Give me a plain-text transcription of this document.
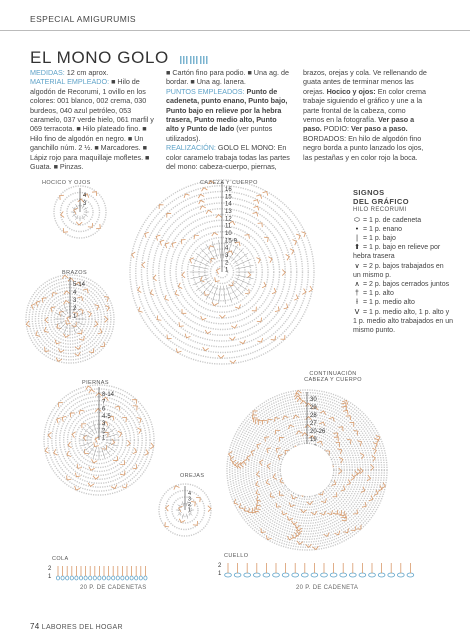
ESPECIAL AMIGURUMIS
EL MONO GOLO
MEDIDAS: 12 cm aprox.
MATERIAL EMPLEADO: ■ Hilo de algodón de Recorumi, 1 ovillo en los colores: 001 blanco, 002 crema, 030 burdeos, 040 azul petróleo, 053 caramelo, 037 verde hielo, 061 marfil y 069 terracota. ■ Hilo plateado fino. ■ Hilo fino de algodón en negro. ■ Un ganchillo núm. 2 ½. ■ Marcadores. ■ Lápiz rojo para maquillaje mofletes. ■ Guata. ■ Pinzas.
■ Cartón fino para podio. ■ Una ag. de bordar. ■ Una ag. lanera.
PUNTOS EMPLEADOS: Punto de cadeneta, punto enano, Punto bajo, Punto bajo en relieve por la hebra trasera, Punto medio alto, Punto alto y Punto de lado (ver puntos utilizados).
REALIZACIÓN: GOLO EL MONO: En color caramelo trabaja todas las partes del mono: cabeza-cuerpo, piernas,
brazos, orejas y cola. Ve rellenando de guata antes de terminar menos las orejas. Hocico y ojos: En color crema trabaje siguiendo el gráfico y une a la parte frontal de la cabeza, como vemos en la fotografía. Ver paso a paso. PODIO: Ver paso a paso. BORDADOS: En hilo de algodón fino negro borda a punto lanzado los ojos, las pestañas y en color rojo la boca.
HOCICO Y OJOS	CABEZA Y CUERPO
BRAZOS
PIERNAS
OREJAS
CONTINUACIÓN
CABEZA Y CUERPO
COLA	CUELLO
4
3
16
15
14
13
12
11
10
15-9
4
3
2
1
5-14
4
3
2
1
8-14
7
6
4-5
3
2
1
4
3
2
1
30
29
28
27
20-26
19
2
1
2
1
SIGNOS
DEL GRÁFICO
HILO RECORUMI
⬭ = 1 p. de cadeneta
• = 1 p. enano
| = 1 p. bajo
⬆ = 1 p. bajo en relieve por hebra trasera
∨ = 2 p. bajos trabajados en un mismo p.
∧ = 2 p. bajos cerrados juntos
† = 1 p. alto
ƚ = 1 p. medio alto
Ⅴ = 1 p. medio alto, 1 p. alto y 1 p. medio alto trabajados en un mismo punto.
20 P. DE CADENETAS	20 P. DE CADENETA
74 LABORES DEL HOGAR
